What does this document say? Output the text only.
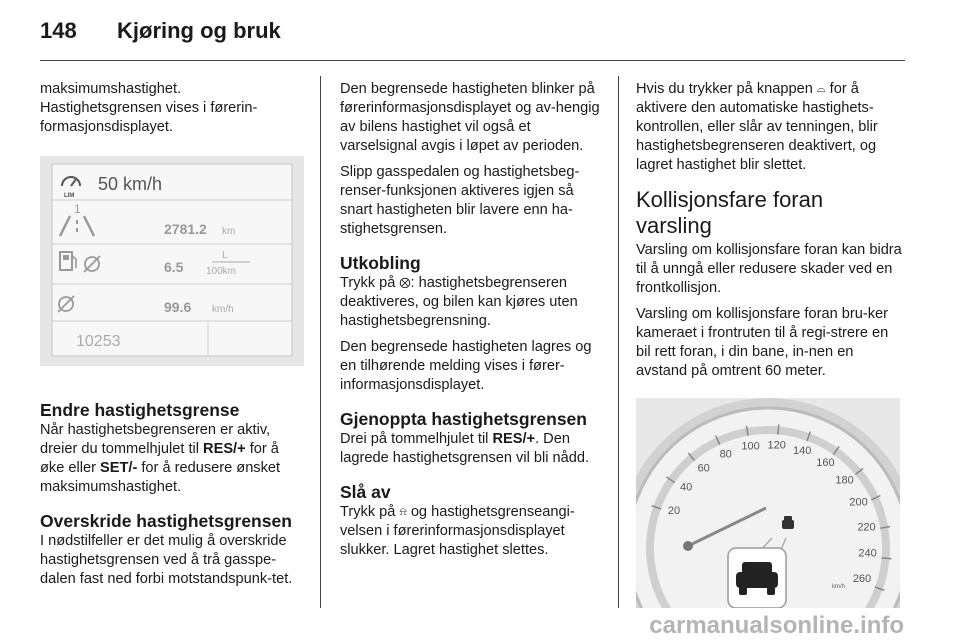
148 Kjøring og bruk

maksimumshastighet. Hastighetsgrensen vises i førerin-formasjonsdisplayet.

LIM
50 km/h
1
2781.2 km
6.5
L
100km
99.6 km/h
10253
Endre hastighetsgrense

Når hastighetsbegrenseren er aktiv, dreier du tommelhjulet til RES/+ for å øke eller SET/- for å redusere ønsket maksimumshastighet.

Overskride hastighetsgrensen

I nødstilfeller er det mulig å overskride hastighetsgrensen ved å trå gasspe-dalen fast ned forbi motstandspunk-tet.

Den begrensede hastigheten blinker på førerinformasjonsdisplayet og av-hengig av bilens hastighet vil også et varselsignal avgis i løpet av perioden.

Slipp gasspedalen og hastighetsbeg-renser-funksjonen aktiveres igjen så snart hastigheten blir lavere enn ha-stighetsgrensen.

Utkobling

Trykk på ⨂: hastighetsbegrenseren deaktiveres, og bilen kan kjøres uten hastighetsbegrensning.

Den begrensede hastigheten lagres og en tilhørende melding vises i fører-informasjonsdisplayet.

Gjenoppta hastighetsgrensen

Drei på tommelhjulet til RES/+. Den lagrede hastighetsgrensen vil bli nådd.

Slå av

Trykk på ⍾ og hastighetsgrenseangi-velsen i førerinformasjonsdisplayet slukker. Lagret hastighet slettes.

Hvis du trykker på knappen ⌓ for å aktivere den automatiske hastighets-kontrollen, eller slår av tenningen, blir hastighetsbegrenseren deaktivert, og lagret hastighet blir slettet.

Kollisjonsfare foran varsling

Varsling om kollisjonsfare foran kan bidra til å unngå eller redusere skader ved en frontkollisjon.

Varsling om kollisjonsfare foran bru-ker kameraet i frontruten til å regi-strere en bil rett foran, i din bane, in-nen en avstand på omtrent 60 meter.

20
40
60
80
100 120 140
160
180
200
220
240
260
km/h
carmanualsonline.info
